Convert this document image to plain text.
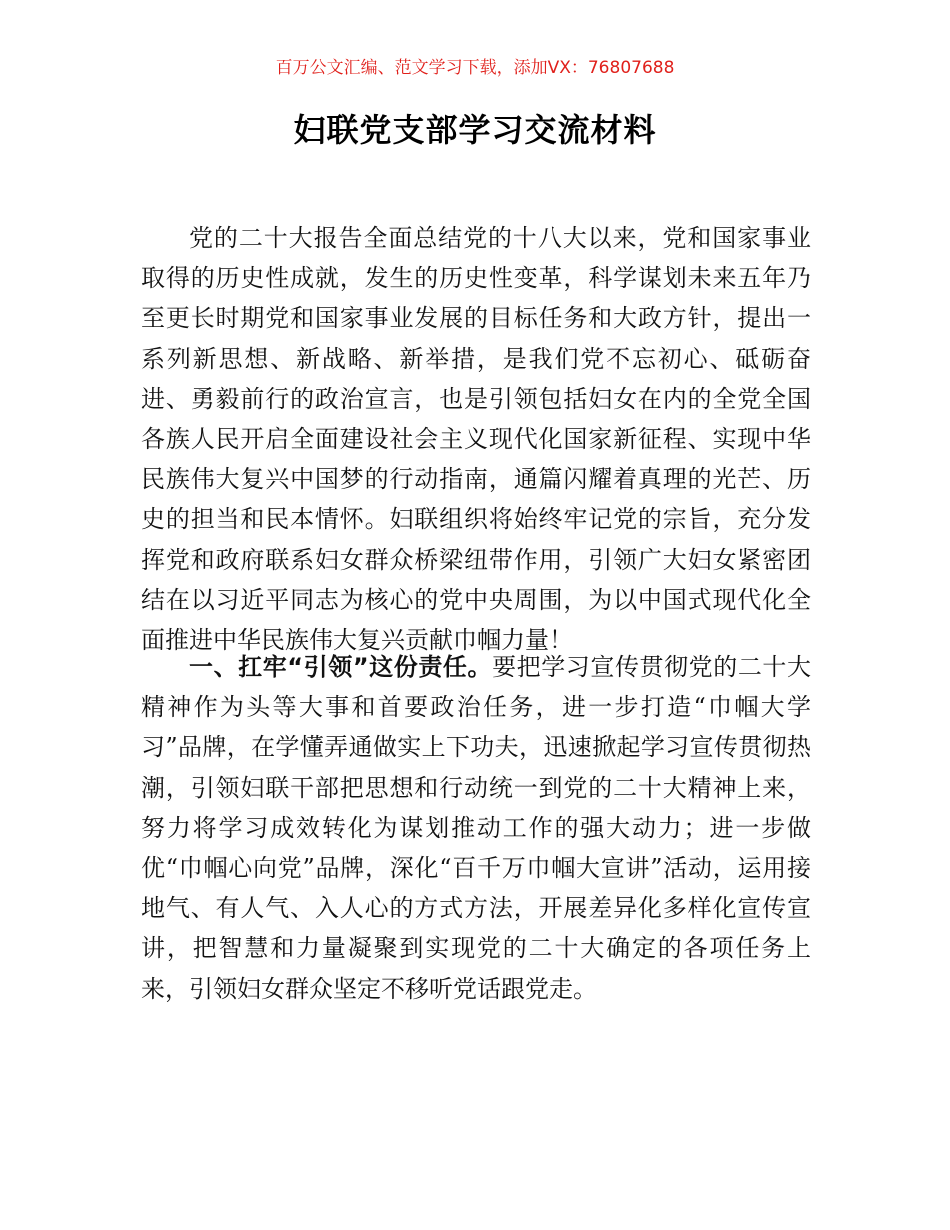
百万公文汇编、范文学习下载，添加VX：76807688
妇联党支部学习交流材料

党的二十大报告全面总结党的十八大以来，党和国家事业取得的历史性成就，发生的历史性变革，科学谋划未来五年乃至更长时期党和国家事业发展的目标任务和大政方针，提出一系列新思想、新战略、新举措，是我们党不忘初心、砥砺奋进、勇毅前行的政治宣言，也是引领包括妇女在内的全党全国各族人民开启全面建设社会主义现代化国家新征程、实现中华民族伟大复兴中国梦的行动指南，通篇闪耀着真理的光芒、历史的担当和民本情怀。妇联组织将始终牢记党的宗旨，充分发挥党和政府联系妇女群众桥梁纽带作用，引领广大妇女紧密团结在以习近平同志为核心的党中央周围，为以中国式现代化全面推进中华民族伟大复兴贡献巾帼力量！

一、扛牢“引领”这份责任。要把学习宣传贯彻党的二十大精神作为头等大事和首要政治任务，进一步打造“巾帼大学习”品牌，在学懂弄通做实上下功夫，迅速掀起学习宣传贯彻热潮，引领妇联干部把思想和行动统一到党的二十大精神上来，努力将学习成效转化为谋划推动工作的强大动力；进一步做优“巾帼心向党”品牌，深化“百千万巾帼大宣讲”活动，运用接地气、有人气、入人心的方式方法，开展差异化多样化宣传宣讲，把智慧和力量凝聚到实现党的二十大确定的各项任务上来，引领妇女群众坚定不移听党话跟党走。
